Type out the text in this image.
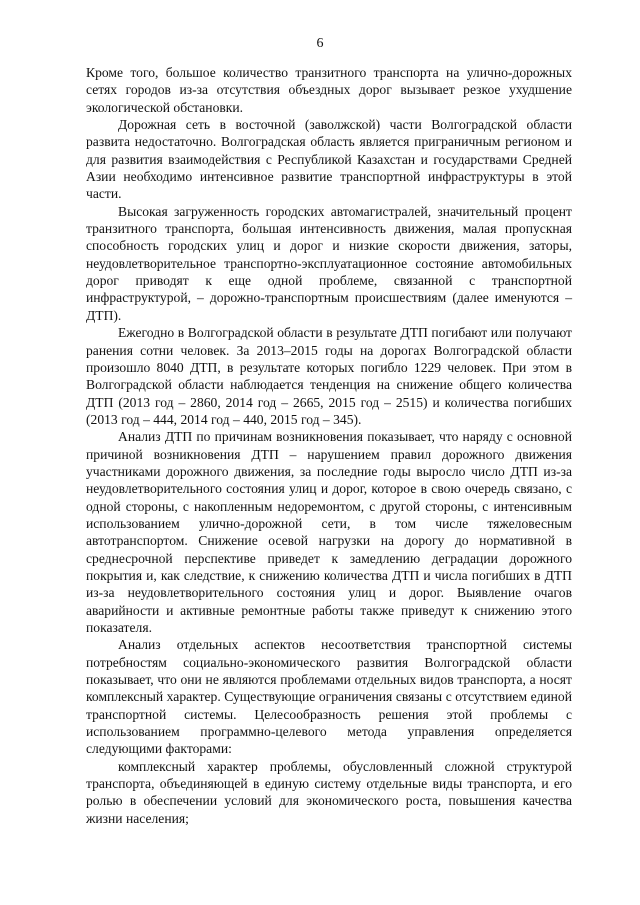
6

Кроме того, большое количество транзитного транспорта на улично-дорожных сетях городов из-за отсутствия объездных дорог вызывает резкое ухудшение экологической обстановки.

Дорожная сеть в восточной (заволжской) части Волгоградской области развита недостаточно. Волгоградская область является приграничным регионом и для развития взаимодействия с Республикой Казахстан и государствами Средней Азии необходимо интенсивное развитие транспортной инфраструктуры в этой части.

Высокая загруженность городских автомагистралей, значительный процент транзитного транспорта, большая интенсивность движения, малая пропускная способность городских улиц и дорог и низкие скорости движения, заторы, неудовлетворительное транспортно-эксплуатационное состояние автомобильных дорог приводят к еще одной проблеме, связанной с транспортной инфраструктурой, – дорожно-транспортным происшествиям (далее именуются – ДТП).

Ежегодно в Волгоградской области в результате ДТП погибают или получают ранения сотни человек. За 2013–2015 годы на дорогах Волгоградской области произошло 8040 ДТП, в результате которых погибло 1229 человек. При этом в Волгоградской области наблюдается тенденция на снижение общего количества ДТП (2013 год – 2860, 2014 год – 2665, 2015 год – 2515) и количества погибших (2013 год – 444, 2014 год – 440, 2015 год – 345).

Анализ ДТП по причинам возникновения показывает, что наряду с основной причиной возникновения ДТП – нарушением правил дорожного движения участниками дорожного движения, за последние годы выросло число ДТП из-за неудовлетворительного состояния улиц и дорог, которое в свою очередь связано, с одной стороны, с накопленным недоремонтом, с другой стороны, с интенсивным использованием улично-дорожной сети, в том числе тяжеловесным автотранспортом. Снижение осевой нагрузки на дорогу до нормативной в среднесрочной перспективе приведет к замедлению деградации дорожного покрытия и, как следствие, к снижению количества ДТП и числа погибших в ДТП из-за неудовлетворительного состояния улиц и дорог. Выявление очагов аварийности и активные ремонтные работы также приведут к снижению этого показателя.

Анализ отдельных аспектов несоответствия транспортной системы потребностям социально-экономического развития Волгоградской области показывает, что они не являются проблемами отдельных видов транспорта, а носят комплексный характер. Существующие ограничения связаны с отсутствием единой транспортной системы. Целесообразность решения этой проблемы с использованием программно-целевого метода управления определяется следующими факторами:

комплексный характер проблемы, обусловленный сложной структурой транспорта, объединяющей в единую систему отдельные виды транспорта, и его ролью в обеспечении условий для экономического роста, повышения качества жизни населения;
